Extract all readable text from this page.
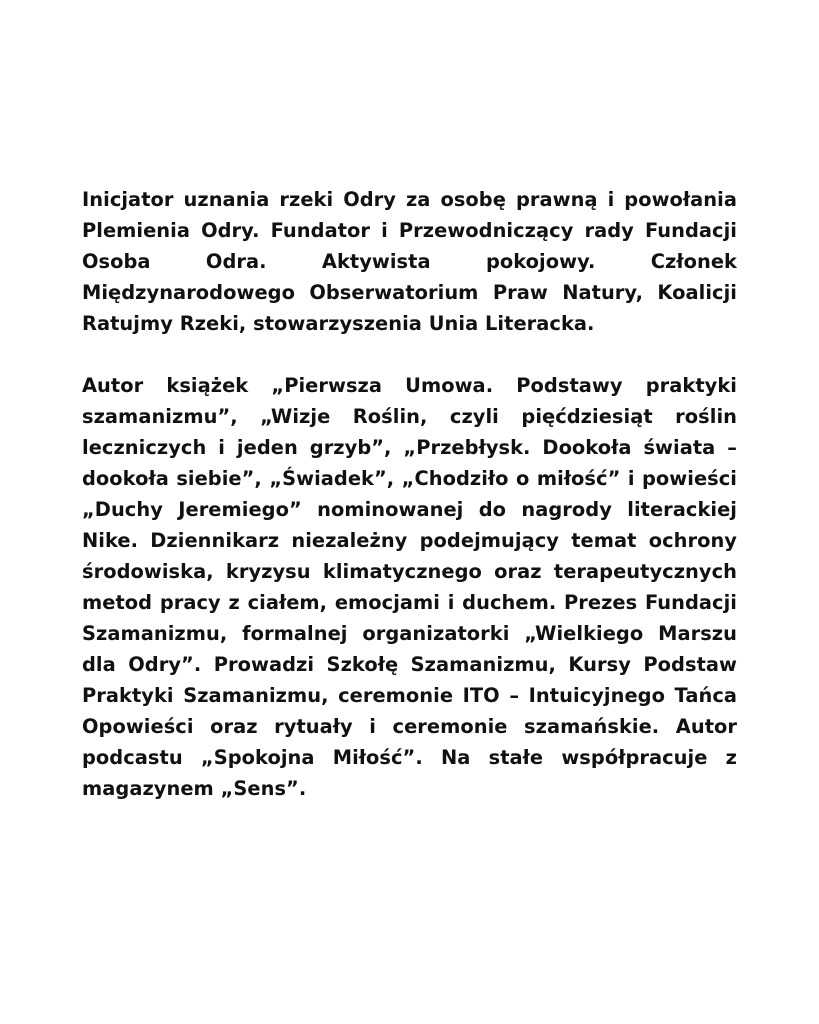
Inicjator uznania rzeki Odry za osobę prawną i powołania Plemienia Odry. Fundator i Przewodniczący rady Fundacji Osoba Odra. Aktywista pokojowy. Członek Międzynarodowego Obserwatorium Praw Natury, Koalicji Ratujmy Rzeki, stowarzyszenia Unia Literacka.

Autor książek „Pierwsza Umowa. Podstawy praktyki szamanizmu”, „Wizje Roślin, czyli pięćdziesiąt roślin leczniczych i jeden grzyb”, „Przebłysk. Dookoła świata – dookoła siebie”, „Świadek”, „Chodziło o miłość” i powieści „Duchy Jeremiego” nominowanej do nagrody literackiej Nike. Dziennikarz niezależny podejmujący temat ochrony środowiska, kryzysu klimatycznego oraz terapeutycznych metod pracy z ciałem, emocjami i duchem. Prezes Fundacji Szamanizmu, formalnej organizatorki „Wielkiego Marszu dla Odry”. Prowadzi Szkołę Szamanizmu, Kursy Podstaw Praktyki Szamanizmu, ceremonie ITO – Intuicyjnego Tańca Opowieści oraz rytuały i ceremonie szamańskie. Autor podcastu „Spokojna Miłość”. Na stałe współpracuje z magazynem „Sens”.
